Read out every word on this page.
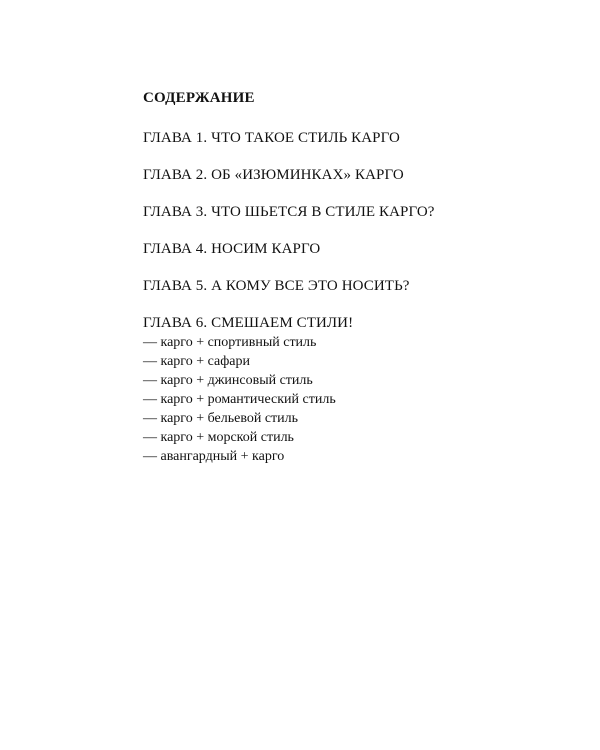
СОДЕРЖАНИЕ
ГЛАВА 1. ЧТО ТАКОЕ СТИЛЬ КАРГО
ГЛАВА 2. ОБ «ИЗЮМИНКАХ» КАРГО
ГЛАВА 3. ЧТО ШЬЕТСЯ В СТИЛЕ КАРГО?
ГЛАВА 4. НОСИМ КАРГО
ГЛАВА 5. А КОМУ ВСЕ ЭТО НОСИТЬ?
ГЛАВА 6. СМЕШАЕМ СТИЛИ!
— карго + спортивный стиль
— карго + сафари
— карго + джинсовый стиль
— карго + романтический стиль
— карго + бельевой стиль
— карго + морской стиль
— авангардный + карго
